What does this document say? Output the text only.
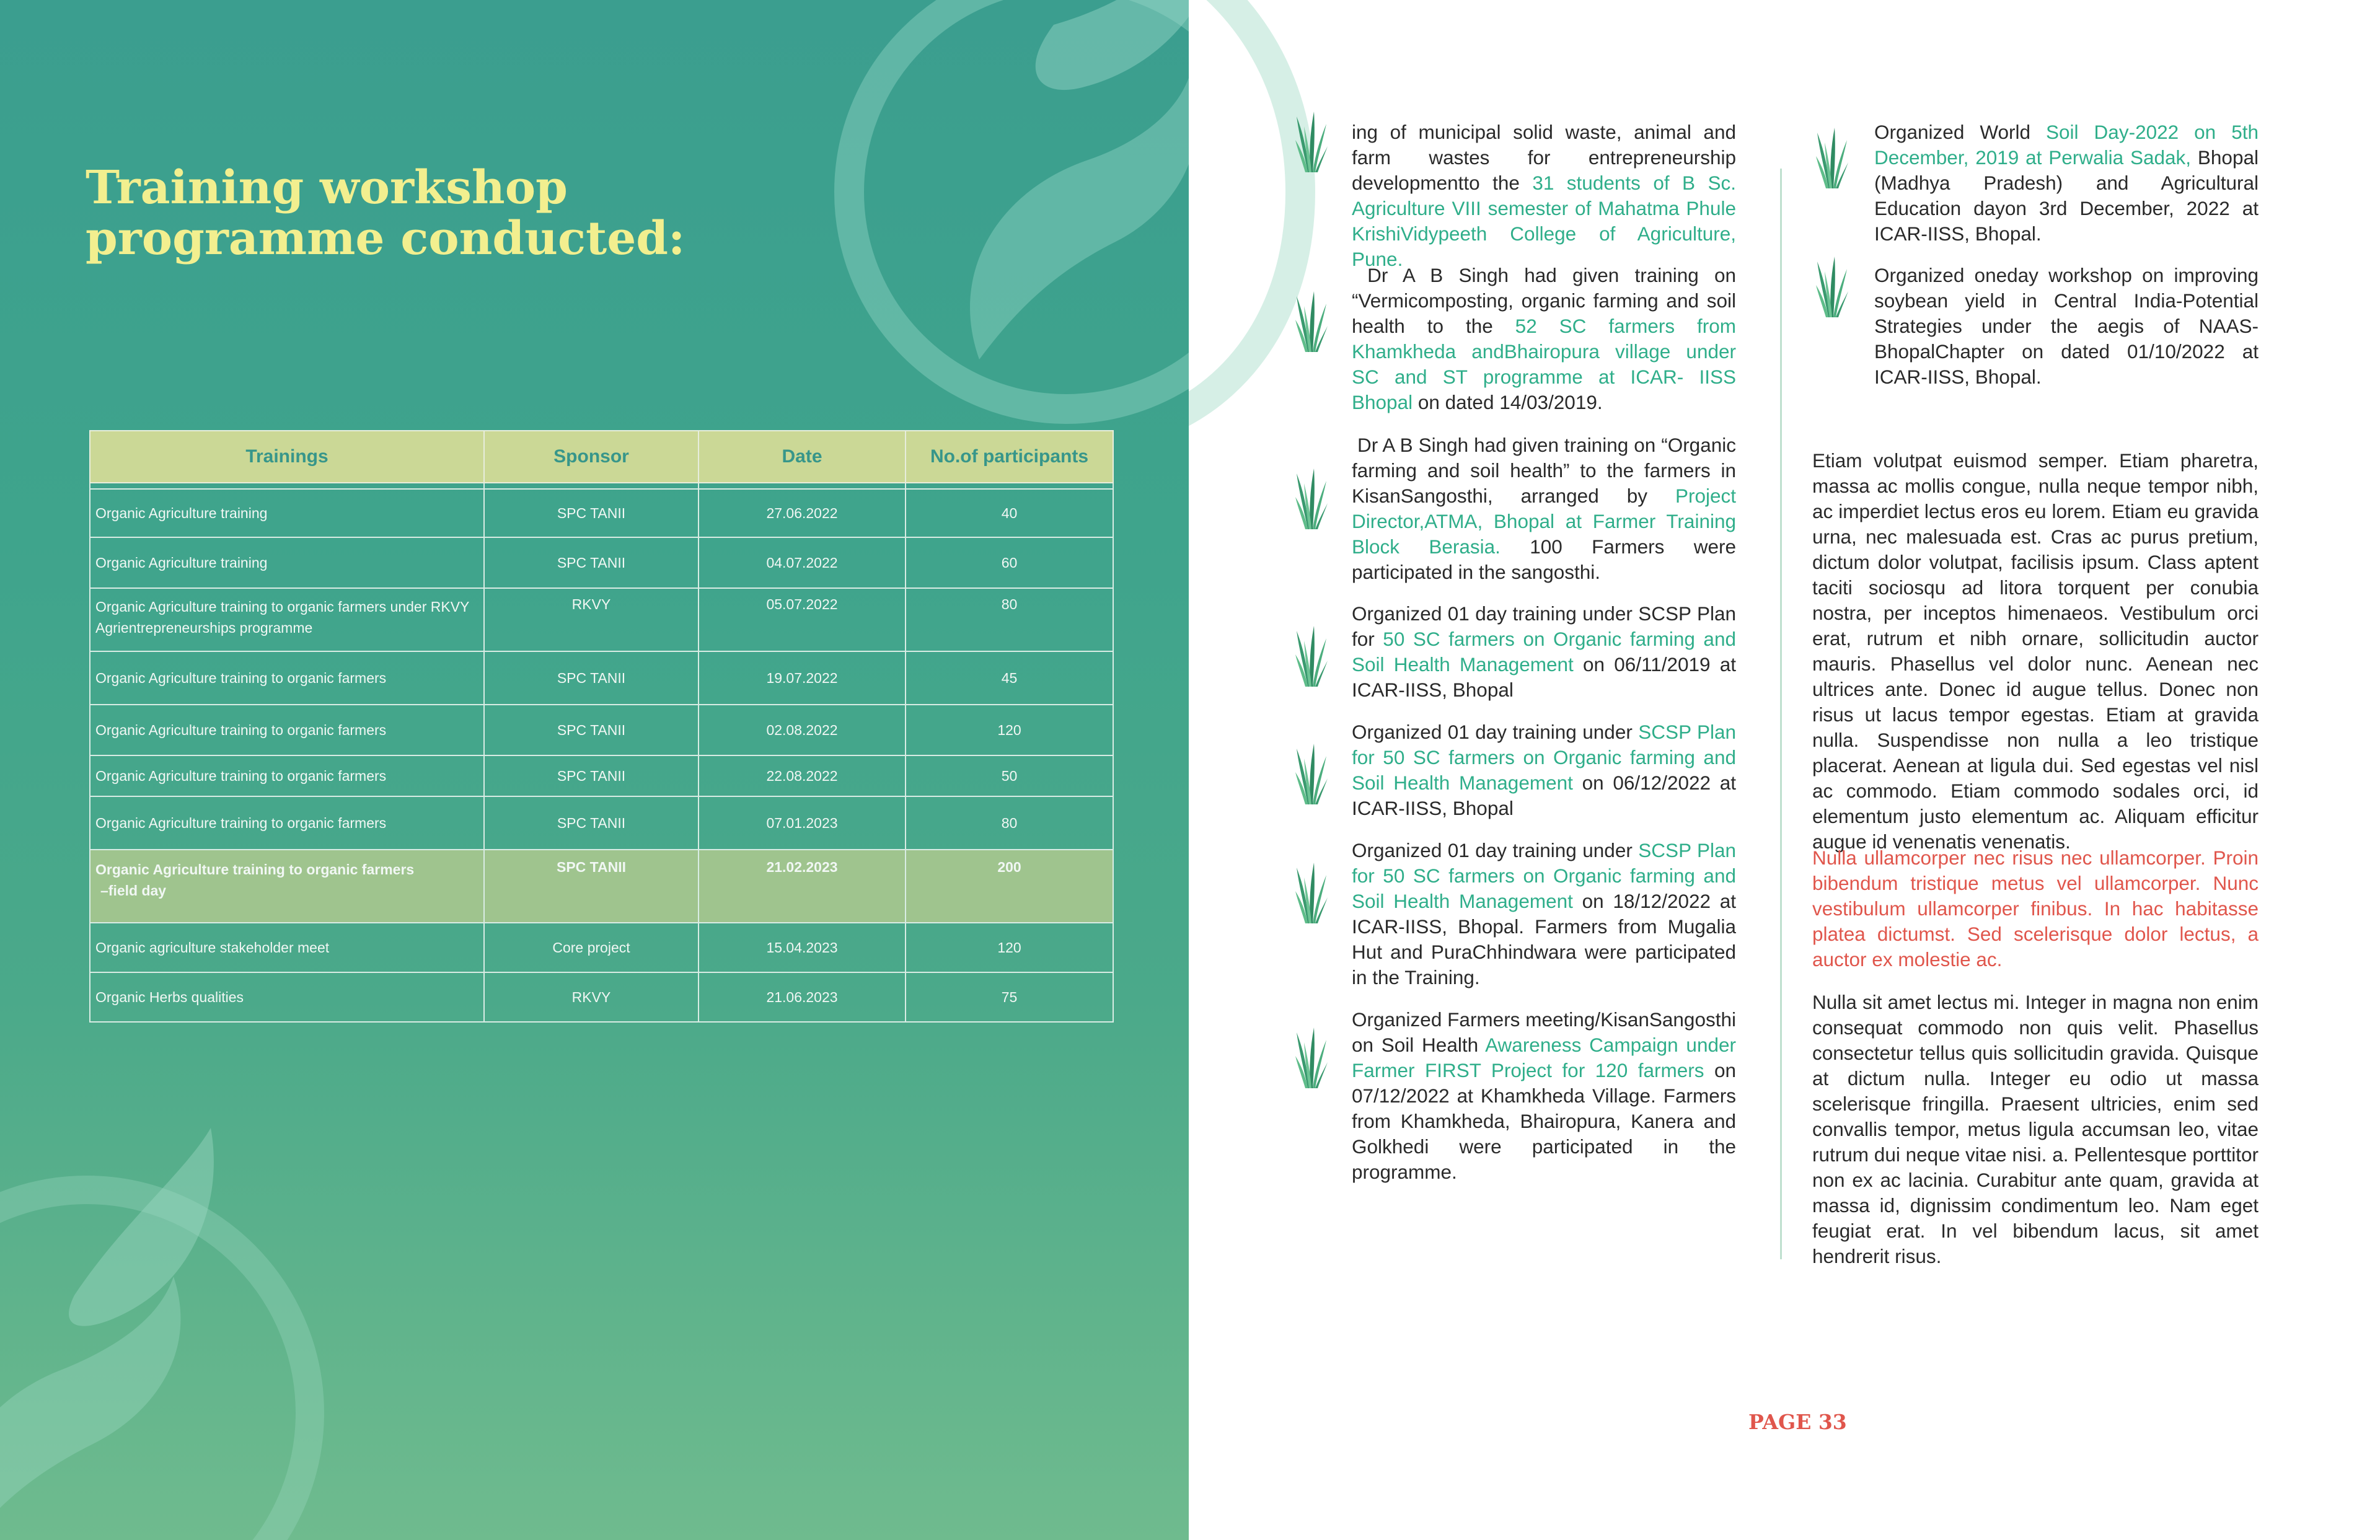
Training workshop
programme conducted:
Trainings	Sponsor	Date	No.of participants

Organic Agriculture training	SPC TANII	27.06.2022	40
Organic Agriculture training	SPC TANII	04.07.2022	60
Organic Agriculture training to organic farmers under RKVY Agrientrepreneurships programme	RKVY	05.07.2022	80
Organic Agriculture training to organic farmers	SPC TANII	19.07.2022	45
Organic Agriculture training to organic farmers	SPC TANII	02.08.2022	120
Organic Agriculture training to organic farmers	SPC TANII	22.08.2022	50
Organic Agriculture training to organic farmers	SPC TANII	07.01.2023	80
Organic Agriculture training to organic farmers
–field day	SPC TANII	21.02.2023	200
Organic agriculture stakeholder meet	Core project	15.04.2023	120
Organic Herbs qualities	RKVY	21.06.2023	75

ing of municipal solid waste, animal and farm wastes for entrepreneurship developmentto the 31 students of B Sc. Agriculture VIII semester of Mahatma Phule KrishiVidypeeth College of Agriculture, Pune.

Dr A B Singh had given training on “Vermicomposting, organic farming and soil health to the 52 SC farmers from Khamkheda andBhairopura village under SC and ST programme at ICAR- IISS Bhopal on dated 14/03/2019.

Dr A B Singh had given training on “Organic farming and soil health” to the farmers in KisanSangosthi, arranged by Project Director,ATMA, Bhopal at Farmer Training Block Berasia. 100 Farmers were participated in the sangosthi.

Organized 01 day training under SCSP Plan for 50 SC farmers on Organic farming and Soil Health Management on 06/11/2019 at ICAR-IISS, Bhopal

Organized 01 day training under SCSP Plan for 50 SC farmers on Organic farming and Soil Health Management on 06/12/2022 at ICAR-IISS, Bhopal

Organized 01 day training under SCSP Plan for 50 SC farmers on Organic farming and Soil Health Management on 18/12/2022 at ICAR-IISS, Bhopal. Farmers from Mugalia Hut and PuraChhindwara were participated in the Training.

Organized Farmers meeting/KisanSangosthi on Soil Health Awareness Campaign under Farmer FIRST Project for 120 farmers on 07/12/2022 at Khamkheda Village. Farmers from Khamkheda, Bhairopura, Kanera and Golkhedi were participated in the programme.

Organized World Soil Day-2022 on 5th December, 2019 at Perwalia Sadak, Bhopal (Madhya Pradesh) and Agricultural Education dayon 3rd December, 2022 at ICAR-IISS, Bhopal.

Organized oneday workshop on improving soybean yield in Central India-Potential Strategies under the aegis of NAAS-BhopalChapter on dated 01/10/2022 at ICAR-IISS, Bhopal.

Etiam volutpat euismod semper. Etiam pharetra, massa ac mollis congue, nulla neque tempor nibh, ac imperdiet lectus eros eu lorem. Etiam eu gravida urna, nec malesuada est. Cras ac purus pretium, dictum dolor volutpat, facilisis ipsum. Class aptent taciti sociosqu ad litora torquent per conubia nostra, per inceptos himenaeos. Vestibulum orci erat, rutrum et nibh ornare, sollicitudin auctor mauris. Phasellus vel dolor nunc. Aenean nec ultrices ante. Donec id augue tellus. Donec non risus ut lacus tempor egestas. Etiam at gravida nulla. Suspendisse non nulla a leo tristique placerat. Aenean at ligula dui. Sed egestas vel nisl ac commodo. Etiam commodo sodales orci, id elementum justo elementum ac. Aliquam efficitur augue id venenatis venenatis.

Nulla ullamcorper nec risus nec ullamcorper. Proin bibendum tristique metus vel ullamcorper. Nunc vestibulum ullamcorper finibus. In hac habitasse platea dictumst. Sed scelerisque dolor lectus, a auctor ex molestie ac.

Nulla sit amet lectus mi. Integer in magna non enim consequat commodo non quis velit. Phasellus consectetur tellus quis sollicitudin gravida. Quisque at dictum nulla. Integer eu odio ut massa scelerisque fringilla. Praesent ultricies, enim sed convallis tempor, metus ligula accumsan leo, vitae rutrum dui neque vitae nisi. a. Pellentesque porttitor non ex ac lacinia. Curabitur ante quam, gravida at massa id, dignissim condimentum leo. Nam eget feugiat erat. In vel bibendum lacus, sit amet hendrerit risus.

PAGE 33
